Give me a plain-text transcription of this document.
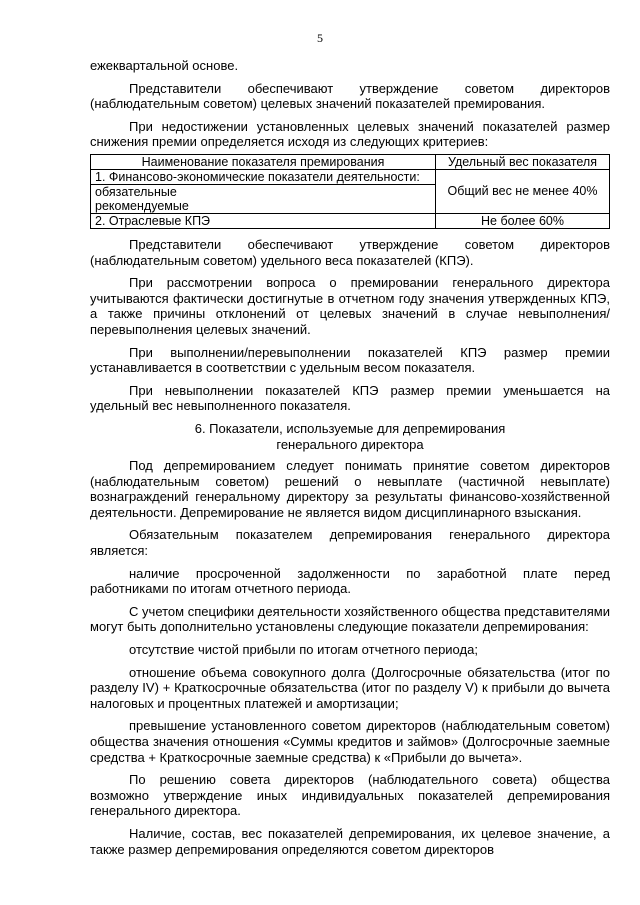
5

ежеквартальной основе.

Представители обеспечивают утверждение советом директоров (наблюдательным советом) целевых значений показателей премирования.

При недостижении установленных целевых значений показателей размер снижения премии определяется исходя из следующих критериев:

Наименование показателя премирования	Удельный вес показателя
1. Финансово-экономические показатели деятельности:	Общий вес не менее 40%
обязательные	
рекомендуемые	
2. Отраслевые КПЭ	Не более 60%

Представители обеспечивают утверждение советом директоров (наблюдательным советом) удельного веса показателей (КПЭ).

При рассмотрении вопроса о премировании генерального директора учитываются фактически достигнутые в отчетном году значения утвержденных КПЭ, а также причины отклонений от целевых значений в случае невыполнения/перевыполнения целевых значений.

При выполнении/перевыполнении показателей КПЭ размер премии устанавливается в соответствии с удельным весом показателя.

При невыполнении показателей КПЭ размер премии уменьшается на удельный вес невыполненного показателя.

6. Показатели, используемые для депремирования
генерального директора

Под депремированием следует понимать принятие советом директоров (наблюдательным советом) решений о невыплате (частичной невыплате) вознаграждений генеральному директору за результаты финансово-хозяйственной деятельности. Депремирование не является видом дисциплинарного взыскания.

Обязательным показателем депремирования генерального директора является:

наличие просроченной задолженности по заработной плате перед работниками по итогам отчетного периода.

С учетом специфики деятельности хозяйственного общества представителями могут быть дополнительно установлены следующие показатели депремирования:

отсутствие чистой прибыли по итогам отчетного периода;

отношение объема совокупного долга (Долгосрочные обязательства (итог по разделу IV) + Краткосрочные обязательства (итог по разделу V) к прибыли до вычета налоговых и процентных платежей и амортизации;

превышение установленного советом директоров (наблюдательным советом) общества значения отношения «Суммы кредитов и займов» (Долгосрочные заемные средства + Краткосрочные заемные средства) к «Прибыли до вычета».

По решению совета директоров (наблюдательного совета) общества возможно утверждение иных индивидуальных показателей депремирования генерального директора.

Наличие, состав, вес показателей депремирования, их целевое значение, а также размер депремирования определяются советом директоров
